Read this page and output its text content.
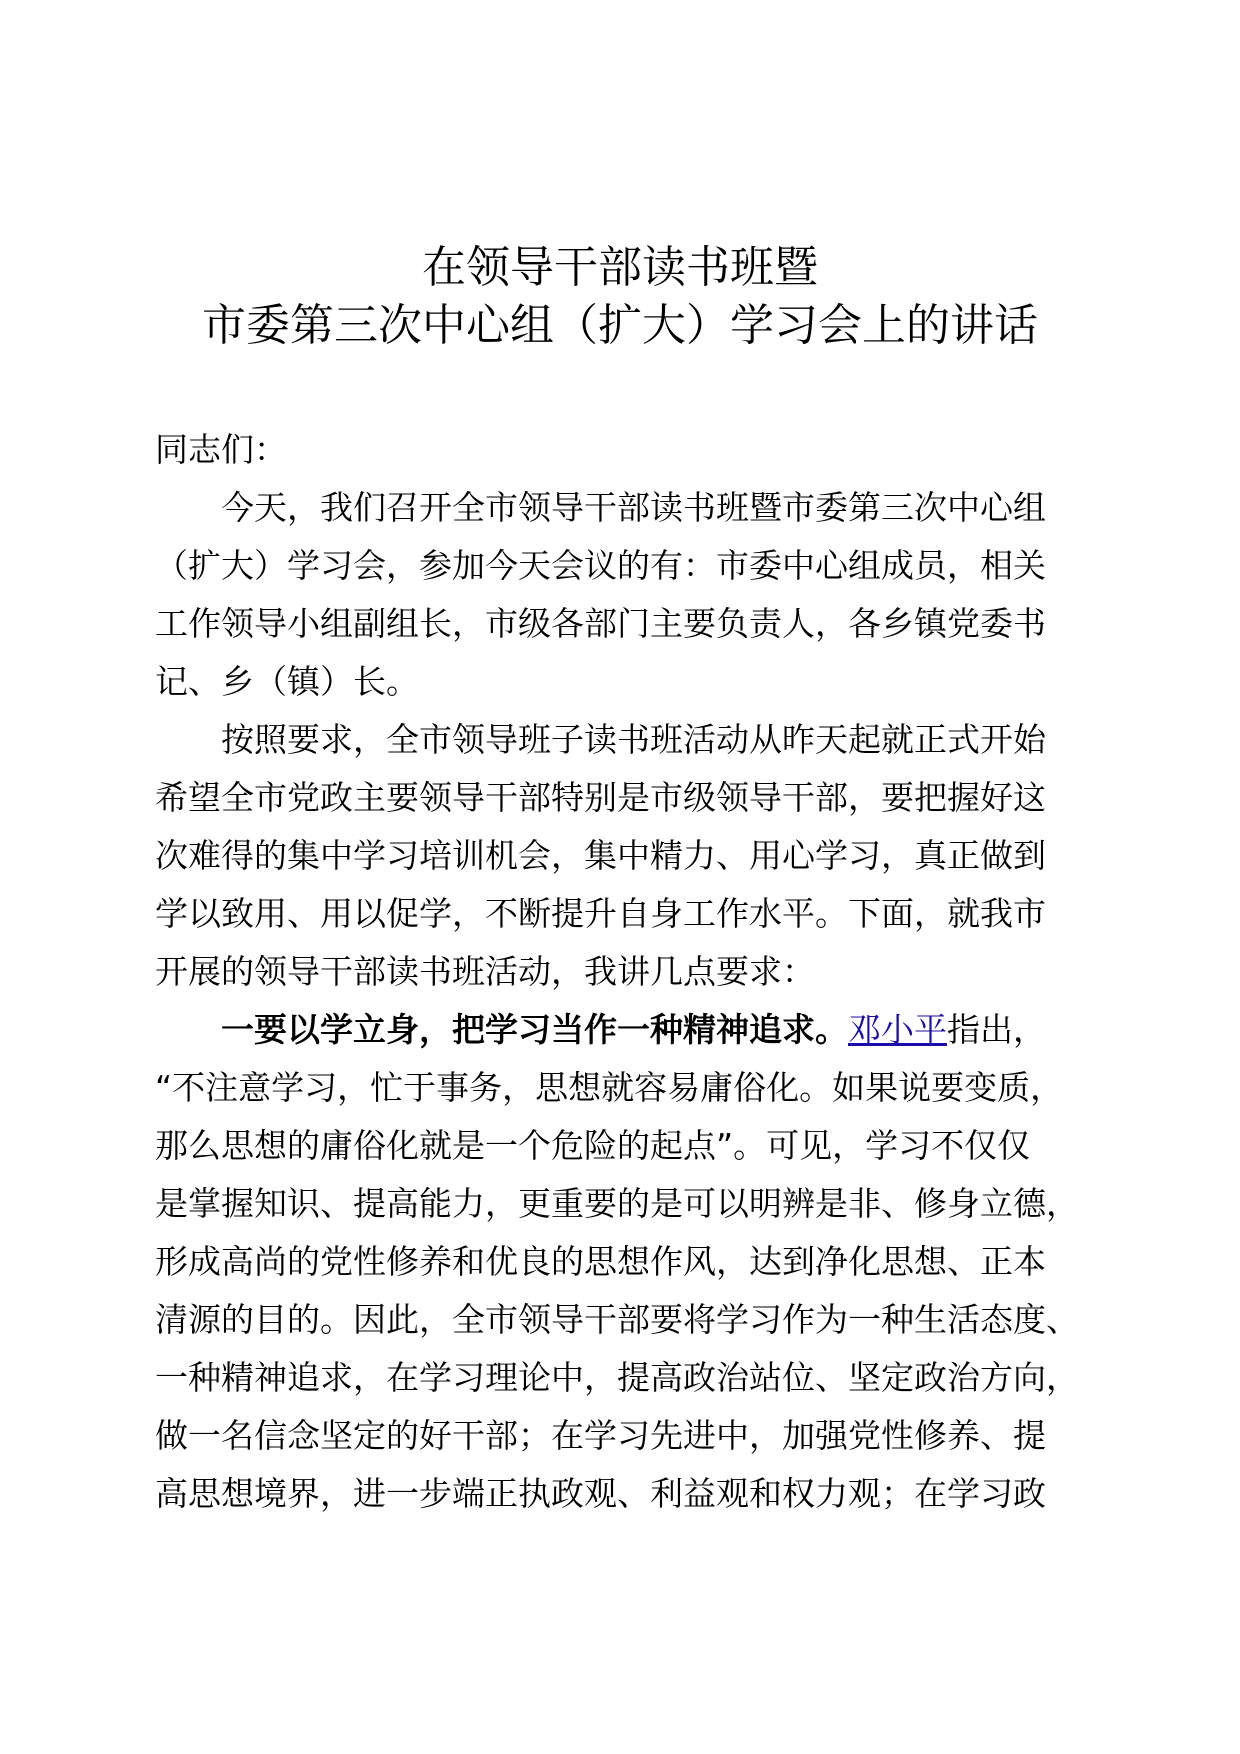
在领导干部读书班暨
市委第三次中心组（扩大）学习会上的讲话
同志们：
今天，我们召开全市领导干部读书班暨市委第三次中心组
（扩大）学习会，参加今天会议的有：市委中心组成员，相关
工作领导小组副组长，市级各部门主要负责人，各乡镇党委书
记、乡（镇）长。
按照要求，全市领导班子读书班活动从昨天起就正式开始
希望全市党政主要领导干部特别是市级领导干部，要把握好这
次难得的集中学习培训机会，集中精力、用心学习，真正做到
学以致用、用以促学，不断提升自身工作水平。下面，就我市
开展的领导干部读书班活动，我讲几点要求：
一要以学立身，把学习当作一种精神追求。邓小平指出，
“不注意学习，忙于事务，思想就容易庸俗化。如果说要变质，
那么思想的庸俗化就是一个危险的起点”。可见，学习不仅仅
是掌握知识、提高能力，更重要的是可以明辨是非、修身立德，
形成高尚的党性修养和优良的思想作风，达到净化思想、正本
清源的目的。因此，全市领导干部要将学习作为一种生活态度、
一种精神追求，在学习理论中，提高政治站位、坚定政治方向，
做一名信念坚定的好干部；在学习先进中，加强党性修养、提
高思想境界，进一步端正执政观、利益观和权力观；在学习政
